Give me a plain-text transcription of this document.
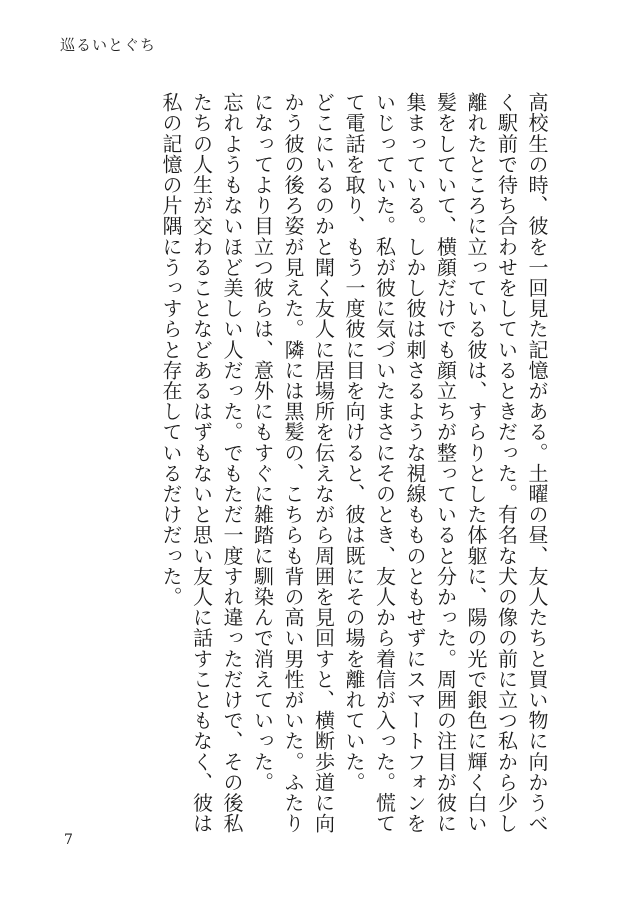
巡るいとぐち

高校生の時、彼を一回見た記憶がある。土曜の昼、友人たちと買い物に向かうべく駅前で待ち合わせをしているときだった。有名な犬の像の前に立つ私から少し離れたところに立っている彼は、すらりとした体躯に、陽の光で銀色に輝く白い髪をしていて、横顔だけでも顔立ちが整っていると分かった。周囲の注目が彼に集まっている。しかし彼は刺さるような視線もものともせずにスマートフォンをいじっていた。私が彼に気づいたまさにそのとき、友人から着信が入った。慌てて電話を取り、もう一度彼に目を向けると、彼は既にその場を離れていた。

どこにいるのかと聞く友人に居場所を伝えながら周囲を見回すと、横断歩道に向かう彼の後ろ姿が見えた。隣には黒髪の、こちらも背の高い男性がいた。ふたりになってより目立つ彼らは、意外にもすぐに雑踏に馴染んで消えていった。

忘れようもないほど美しい人だった。でもただ一度すれ違っただけで、その後私たちの人生が交わることなどあるはずもないと思い友人に話すこともなく、彼は私の記憶の片隅にうっすらと存在しているだけだった。

7
